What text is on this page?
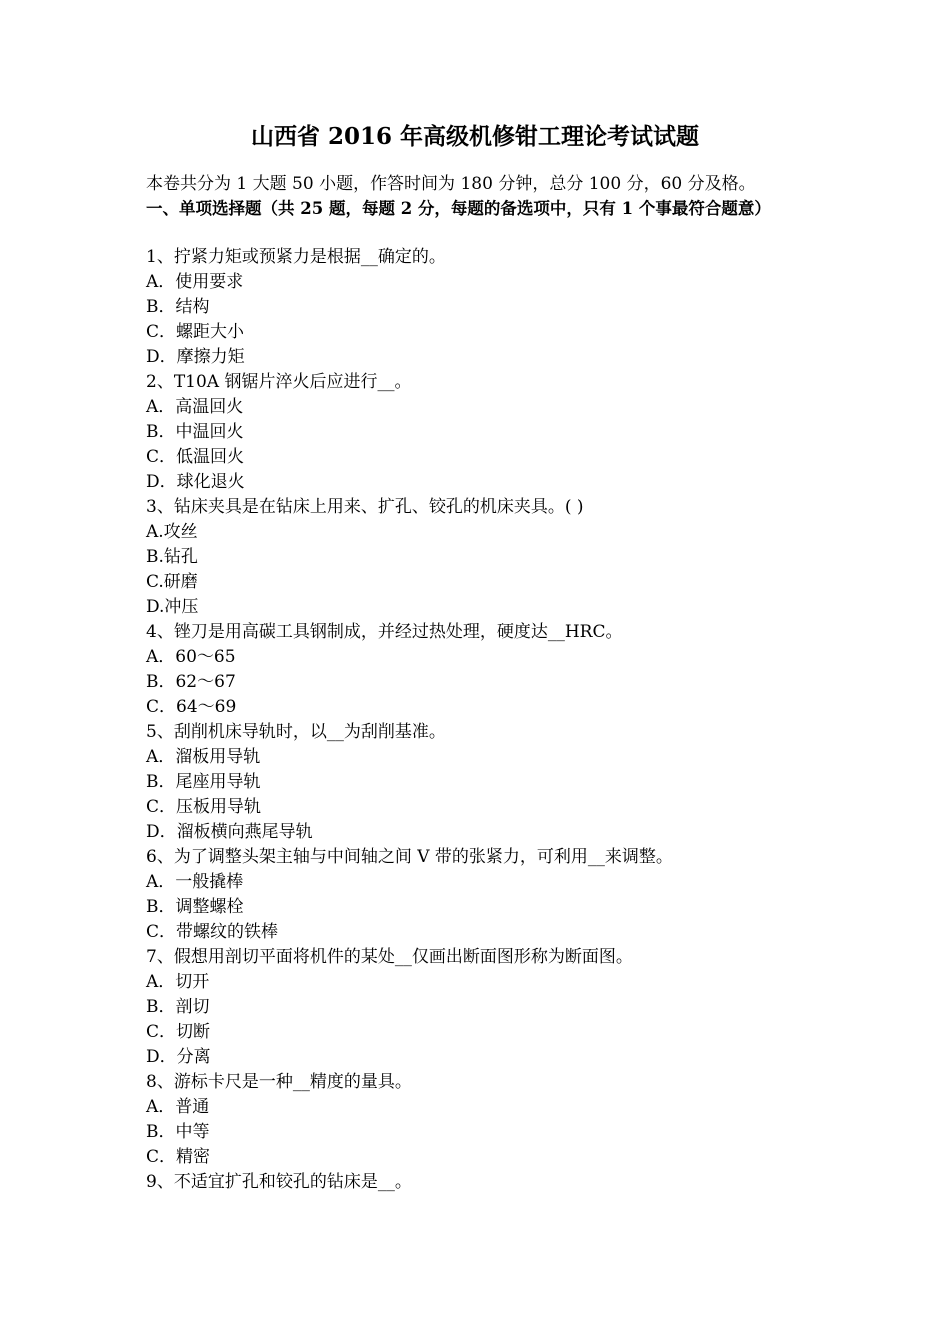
山西省 2016 年高级机修钳工理论考试试题
本卷共分为 1 大题 50 小题，作答时间为 180 分钟，总分 100 分，60 分及格。
一、单项选择题（共 25 题，每题 2 分，每题的备选项中，只有 1 个事最符合题意）
1、拧紧力矩或预紧力是根据__确定的。
A．使用要求
B．结构
C．螺距大小
D．摩擦力矩
2、T10A 钢锯片淬火后应进行__。
A．高温回火
B．中温回火
C．低温回火
D．球化退火
3、钻床夹具是在钻床上用来、扩孔、铰孔的机床夹具。( )
A.攻丝
B.钻孔
C.研磨
D.冲压
4、锉刀是用高碳工具钢制成，并经过热处理，硬度达__HRC。
A．60～65
B．62～67
C．64～69
5、刮削机床导轨时，以__为刮削基准。
A．溜板用导轨
B．尾座用导轨
C．压板用导轨
D．溜板横向燕尾导轨
6、为了调整头架主轴与中间轴之间 V 带的张紧力，可利用__来调整。
A．一般撬棒
B．调整螺栓
C．带螺纹的铁棒
7、假想用剖切平面将机件的某处__仅画出断面图形称为断面图。
A．切开
B．剖切
C．切断
D．分离
8、游标卡尺是一种__精度的量具。
A．普通
B．中等
C．精密
9、不适宜扩孔和铰孔的钻床是__。
